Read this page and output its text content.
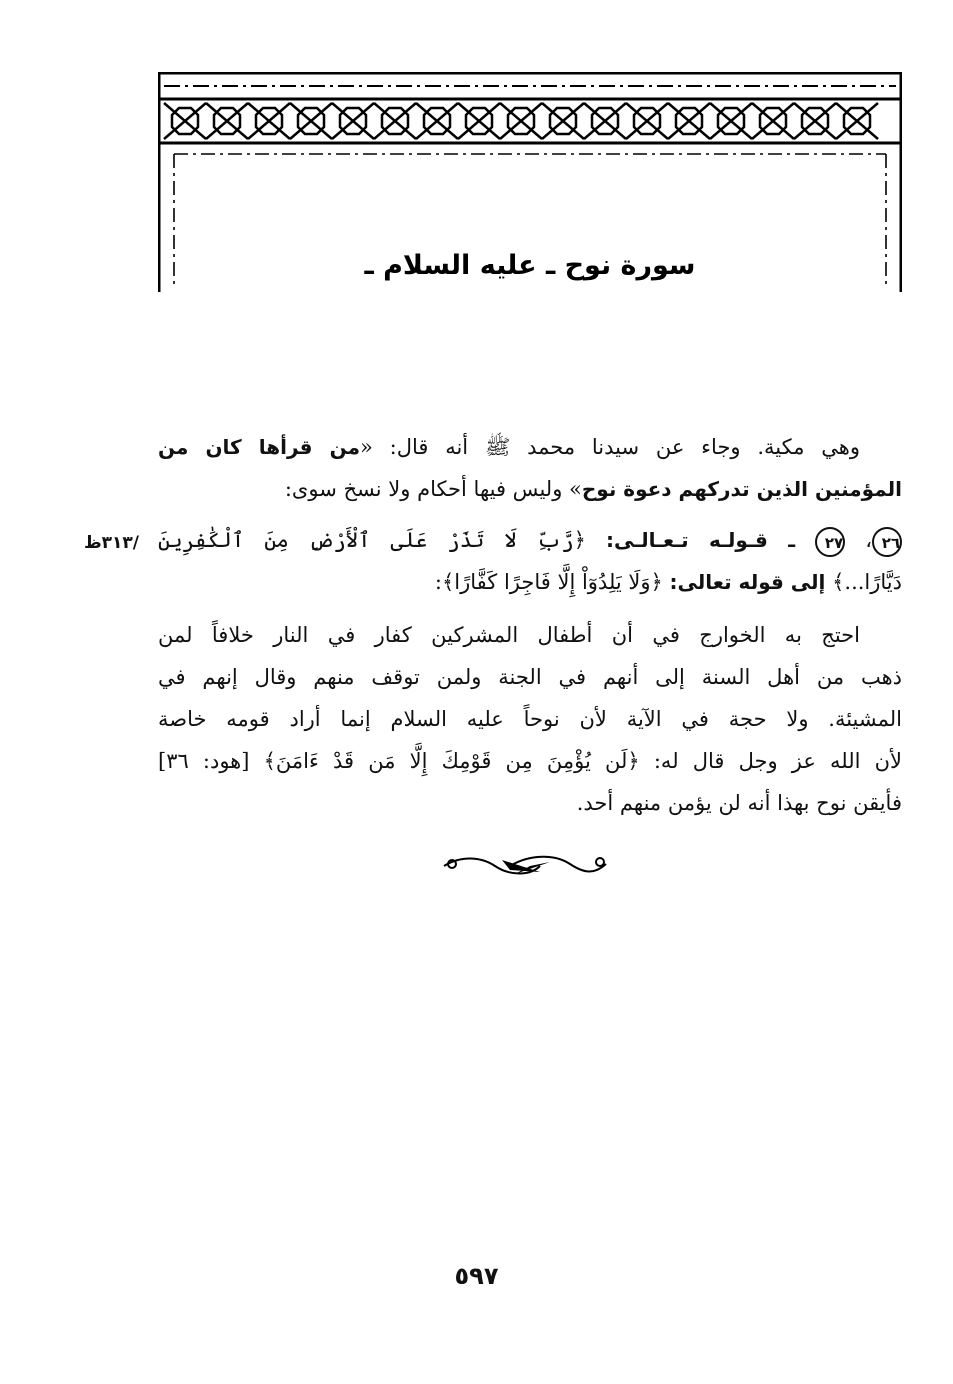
سورة نوح ـ عليه السلام ـ
وهي مكية. وجاء عن سيدنا محمد ﷺ أنه قال: «من قرأها كان من
المؤمنين الذين تدركهم دعوة نوح» وليس فيها أحكام ولا نسخ سوى:
/٣١٣ظ	٢٦، ٢٧ ـ قـولـه تـعـالـى: ﴿رَّبِّ لَا تَذَرْ عَلَى ٱلْأَرْضِ مِنَ ٱلْكَٰفِرِينَ
دَيَّارًا...﴾ إلى قوله تعالى: ﴿وَلَا يَلِدُوٓاْ إِلَّا فَاجِرًا كَفَّارًا﴾:
احتج به الخوارج في أن أطفال المشركين كفار في النار خلافاً لمن
ذهب من أهل السنة إلى أنهم في الجنة ولمن توقف منهم وقال إنهم في
المشيئة. ولا حجة في الآية لأن نوحاً عليه السلام إنما أراد قومه خاصة
لأن الله عز وجل قال له: ﴿لَن يُؤْمِنَ مِن قَوْمِكَ إِلَّا مَن قَدْ ءَامَنَ﴾ [هود: ٣٦]
فأيقن نوح بهذا أنه لن يؤمن منهم أحد.
٥٩٧
